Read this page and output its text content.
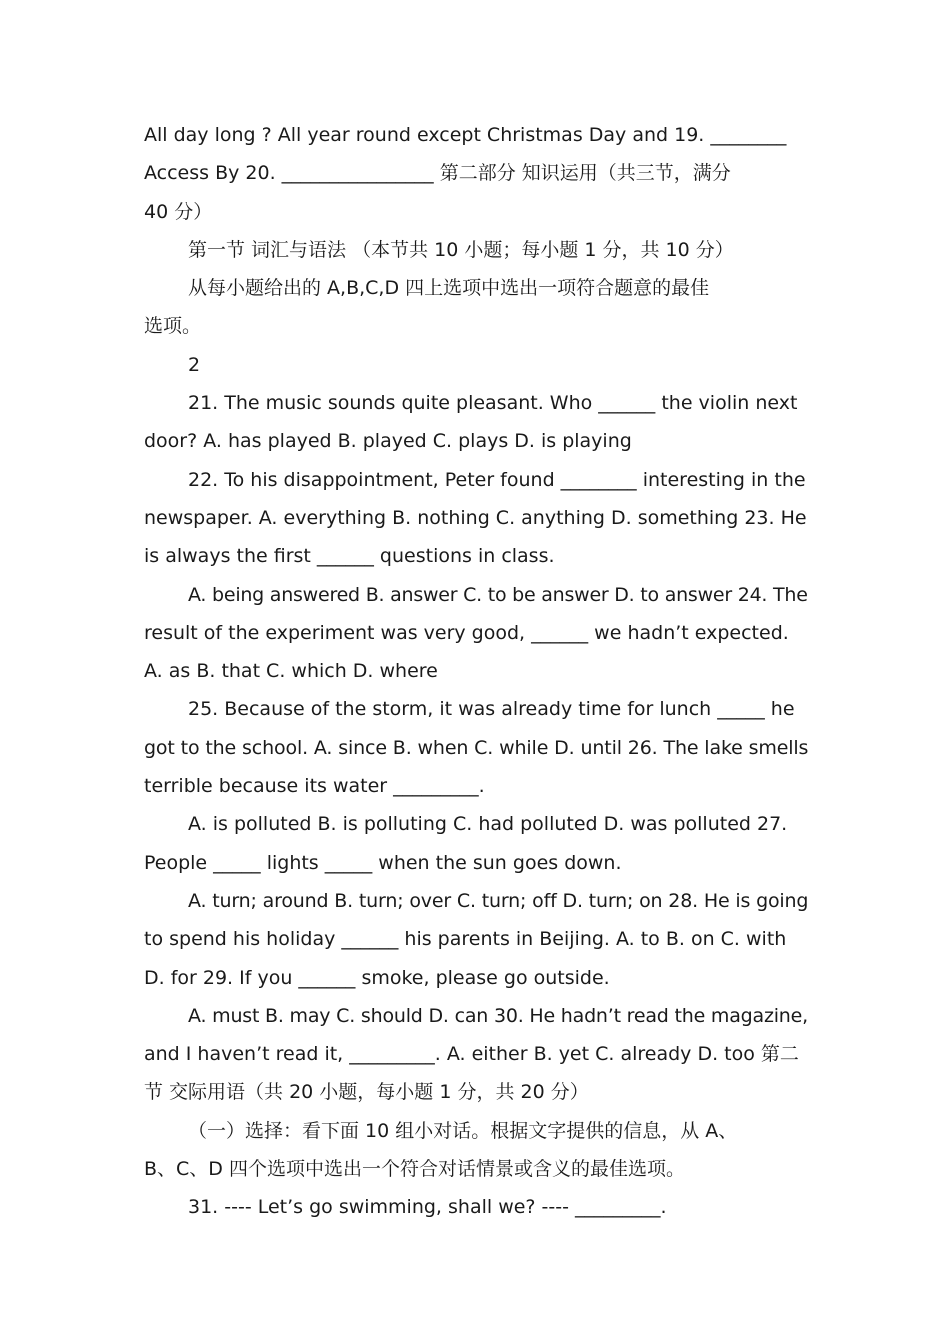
All day long ? All year round except Christmas Day and 19. ________
Access By 20. ________________ 第二部分 知识运用（共三节，满分
40 分）
第一节 词汇与语法 （本节共 10 小题；每小题 1 分，共 10 分）
从每小题给出的 A,B,C,D 四上选项中选出一项符合题意的最佳
选项。
2
21. The music sounds quite pleasant. Who ______ the violin next
door? A. has played B. played C. plays D. is playing
22. To his disappointment, Peter found ________ interesting in the
newspaper. A. everything B. nothing C. anything D. something 23. He
is always the first ______ questions in class.
A. being answered B. answer C. to be answer D. to answer 24. The
result of the experiment was very good, ______ we hadn’t expected.
A. as B. that C. which D. where
25. Because of the storm, it was already time for lunch _____ he
got to the school. A. since B. when C. while D. until 26. The lake smells
terrible because its water _________.
A. is polluted B. is polluting C. had polluted D. was polluted 27.
People _____ lights _____ when the sun goes down.
A. turn; around B. turn; over C. turn; off D. turn; on 28. He is going
to spend his holiday ______ his parents in Beijing. A. to B. on C. with
D. for 29. If you ______ smoke, please go outside.
A. must B. may C. should D. can 30. He hadn’t read the magazine,
and I haven’t read it, _________. A. either B. yet C. already D. too 第二
节 交际用语（共 20 小题，每小题 1 分，共 20 分）
（一）选择：看下面 10 组小对话。根据文字提供的信息，从 A、
B、C、D 四个选项中选出一个符合对话情景或含义的最佳选项。
31. ---- Let’s go swimming, shall we? ---- _________.
